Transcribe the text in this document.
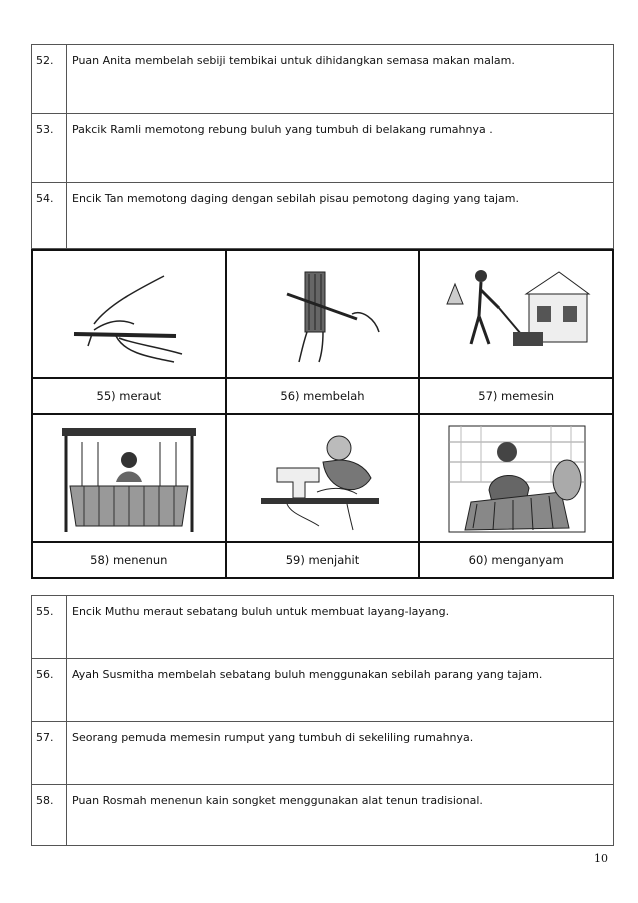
52.	Puan Anita membelah sebiji tembikai untuk dihidangkan semasa makan malam.
53.	Pakcik Ramli memotong rebung buluh yang tumbuh di belakang rumahnya .
54.	Encik Tan memotong daging dengan sebilah pisau pemotong daging yang tajam.

55) meraut	56) membelah	57) memesin

58) menenun	59) menjahit	60) menganyam
55.	Encik Muthu meraut sebatang buluh untuk membuat layang-layang.
56.	Ayah Susmitha membelah sebatang buluh menggunakan sebilah parang yang tajam.
57.	Seorang pemuda memesin rumput yang tumbuh di sekeliling rumahnya.
58.	Puan Rosmah menenun kain songket menggunakan alat tenun tradisional.
10
